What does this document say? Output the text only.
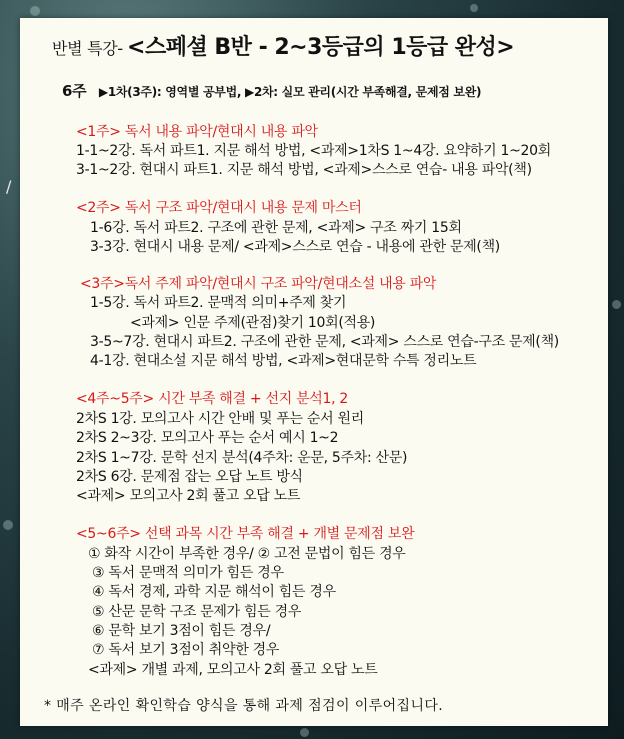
/
반별 특강- <스페셜 B반 - 2~3등급의 1등급 완성>
6주 ▶1차(3주): 영역별 공부법, ▶2차: 실모 관리(시간 부족해결, 문제점 보완)
<1주> 독서 내용 파악/현대시 내용 파악
1-1~2강. 독서 파트1. 지문 해석 방법, <과제>1차S 1~4강. 요약하기 1~20회
3-1~2강. 현대시 파트1. 지문 해석 방법, <과제>스스로 연습- 내용 파악(책)
<2주> 독서 구조 파악/현대시 내용 문제 마스터
1-6강. 독서 파트2. 구조에 관한 문제, <과제> 구조 짜기 15회
3-3강. 현대시 내용 문제/ <과제>스스로 연습 - 내용에 관한 문제(책)
<3주>독서 주제 파악/현대시 구조 파악/현대소설 내용 파악
1-5강. 독서 파트2. 문맥적 의미+주제 찾기
<과제> 인문 주제(관점)찾기 10회(적용)
3-5~7강. 현대시 파트2. 구조에 관한 문제, <과제> 스스로 연습-구조 문제(책)
4-1강. 현대소설 지문 해석 방법, <과제>현대문학 수특 정리노트
<4주~5주> 시간 부족 해결 + 선지 분석1, 2
2차S 1강. 모의고사 시간 안배 및 푸는 순서 원리
2차S 2~3강. 모의고사 푸는 순서 예시 1~2
2차S 1~7강. 문학 선지 분석(4주차: 운문, 5주차: 산문)
2차S 6강. 문제점 잡는 오답 노트 방식
<과제> 모의고사 2회 풀고 오답 노트
<5~6주> 선택 과목 시간 부족 해결 + 개별 문제점 보완
① 화작 시간이 부족한 경우/ ② 고전 문법이 힘든 경우
③ 독서 문맥적 의미가 힘든 경우
④ 독서 경제, 과학 지문 해석이 힘든 경우
⑤ 산문 문학 구조 문제가 힘든 경우
⑥ 문학 보기 3점이 힘든 경우/
⑦ 독서 보기 3점이 취약한 경우
<과제> 개별 과제, 모의고사 2회 풀고 오답 노트
* 매주 온라인 확인학습 양식을 통해 과제 점검이 이루어집니다.
